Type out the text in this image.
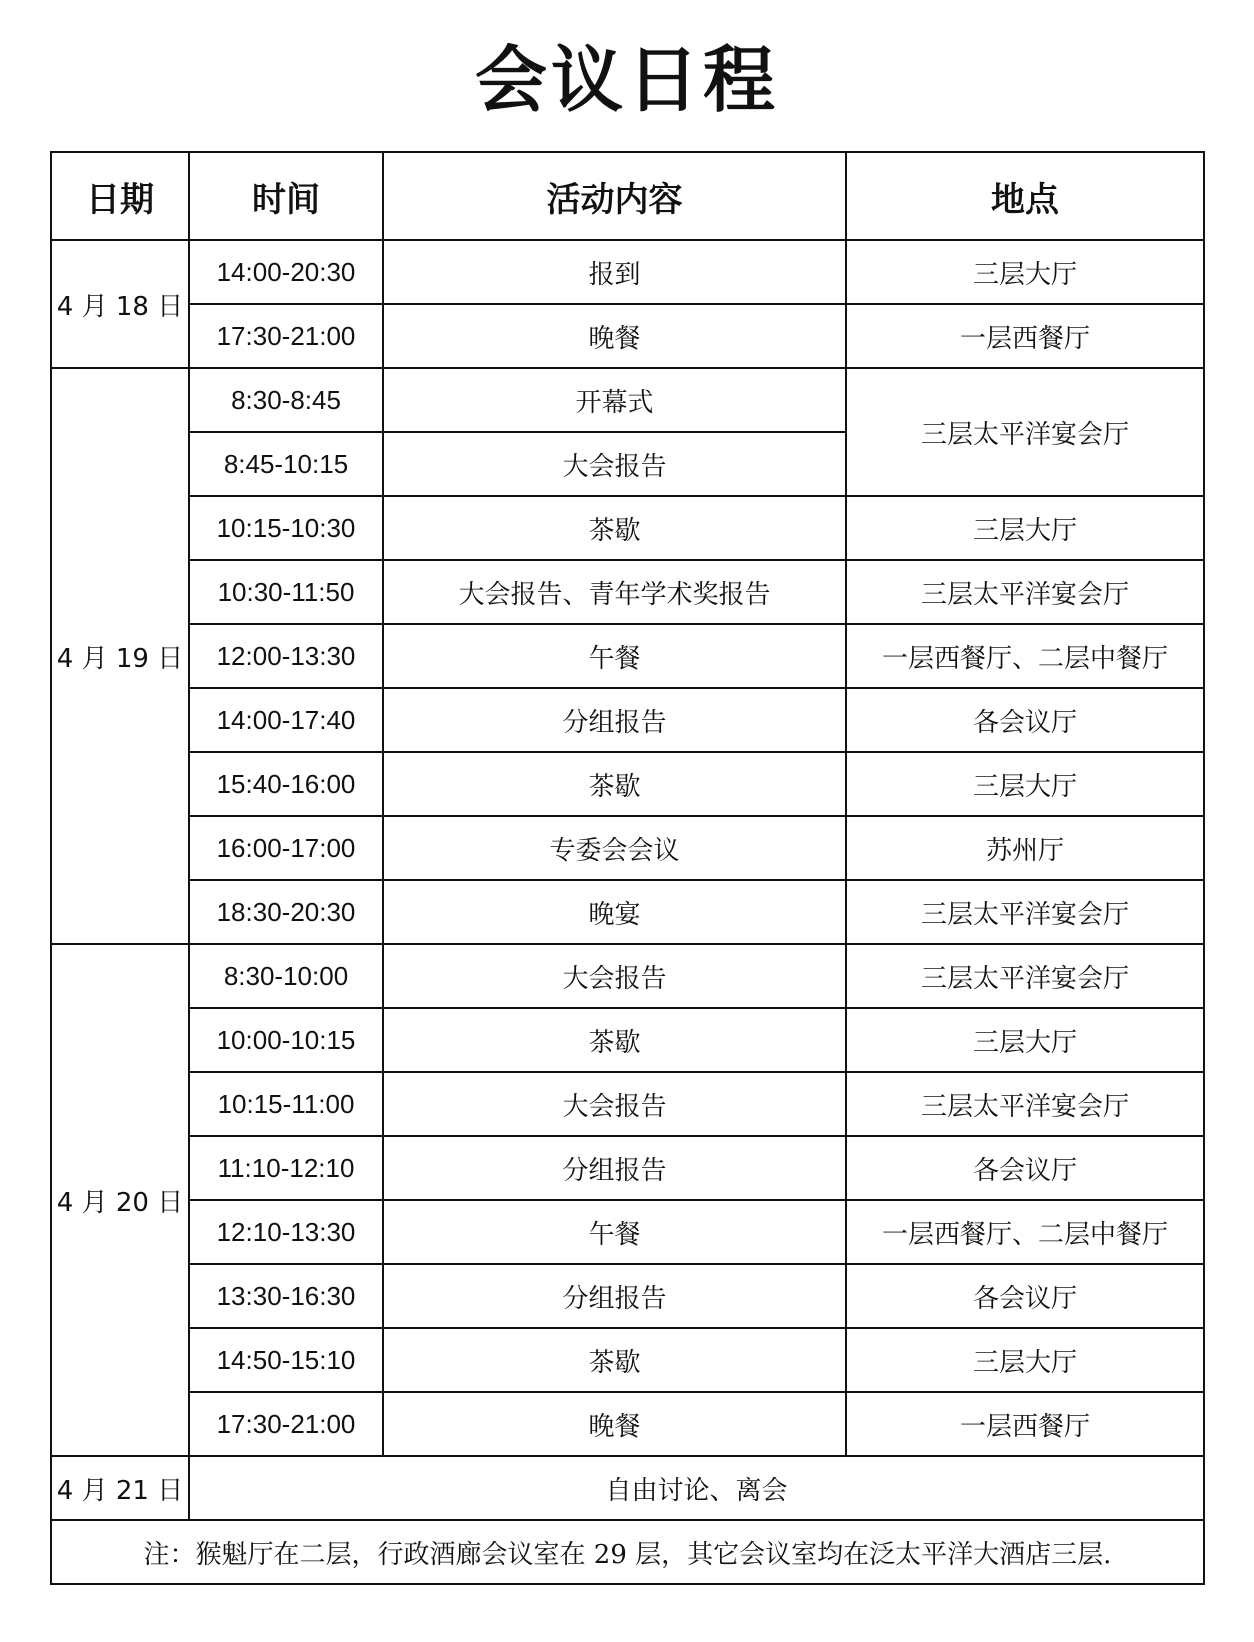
会议日程
日期	时间	活动内容	地点
4 月 18 日	14:00-20:30	报到	三层大厅
	17:30-21:00	晚餐	一层西餐厅
4 月 19 日	8:30-8:45	开幕式	三层太平洋宴会厅
	8:45-10:15	大会报告	
	10:15-10:30	茶歇	三层大厅
	10:30-11:50	大会报告、青年学术奖报告	三层太平洋宴会厅
	12:00-13:30	午餐	一层西餐厅、二层中餐厅
	14:00-17:40	分组报告	各会议厅
	15:40-16:00	茶歇	三层大厅
	16:00-17:00	专委会会议	苏州厅
	18:30-20:30	晚宴	三层太平洋宴会厅
4 月 20 日	8:30-10:00	大会报告	三层太平洋宴会厅
	10:00-10:15	茶歇	三层大厅
	10:15-11:00	大会报告	三层太平洋宴会厅
	11:10-12:10	分组报告	各会议厅
	12:10-13:30	午餐	一层西餐厅、二层中餐厅
	13:30-16:30	分组报告	各会议厅
	14:50-15:10	茶歇	三层大厅
	17:30-21:00	晚餐	一层西餐厅
4 月 21 日	自由讨论、离会		
注：猴魁厅在二层，行政酒廊会议室在 29 层，其它会议室均在泛太平洋大酒店三层.			
